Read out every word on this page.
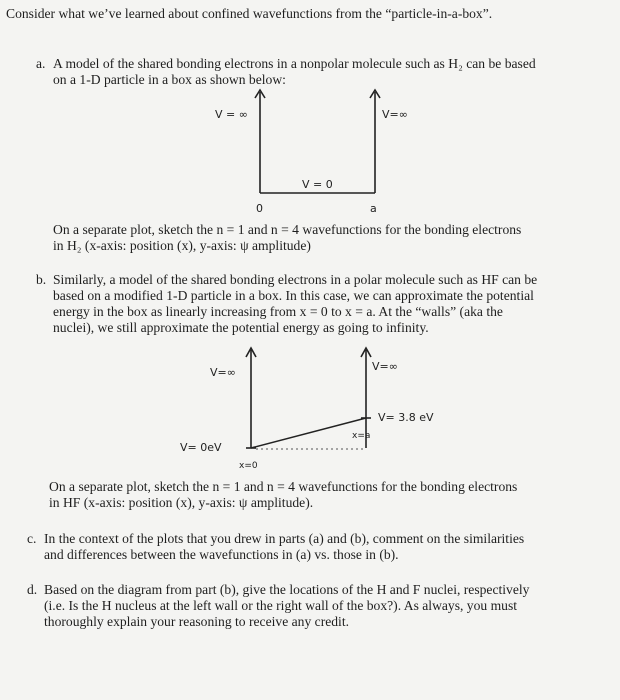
Consider what we’ve learned about confined wavefunctions from the “particle-in-a-box”.
a. A model of the shared bonding electrons in a nonpolar molecule such as H₂ can be based
on a 1-D particle in a box as shown below:
V = ∞	V=∞
V = 0
0	a
On a separate plot, sketch the n = 1 and n = 4 wavefunctions for the bonding electrons
in H₂ (x-axis: position (x), y-axis: ψ amplitude)
b. Similarly, a model of the shared bonding electrons in a polar molecule such as HF can be
based on a modified 1-D particle in a box. In this case, we can approximate the potential
energy in the box as linearly increasing from x = 0 to x = a. At the “walls” (aka the
nuclei), we still approximate the potential energy as going to infinity.
V=∞	V=∞
V= 3.8 eV
V= 0eV
x=a
x=0
On a separate plot, sketch the n = 1 and n = 4 wavefunctions for the bonding electrons
in HF (x-axis: position (x), y-axis: ψ amplitude).
c. In the context of the plots that you drew in parts (a) and (b), comment on the similarities
and differences between the wavefunctions in (a) vs. those in (b).
d. Based on the diagram from part (b), give the locations of the H and F nuclei, respectively
(i.e. Is the H nucleus at the left wall or the right wall of the box?). As always, you must
thoroughly explain your reasoning to receive any credit.
